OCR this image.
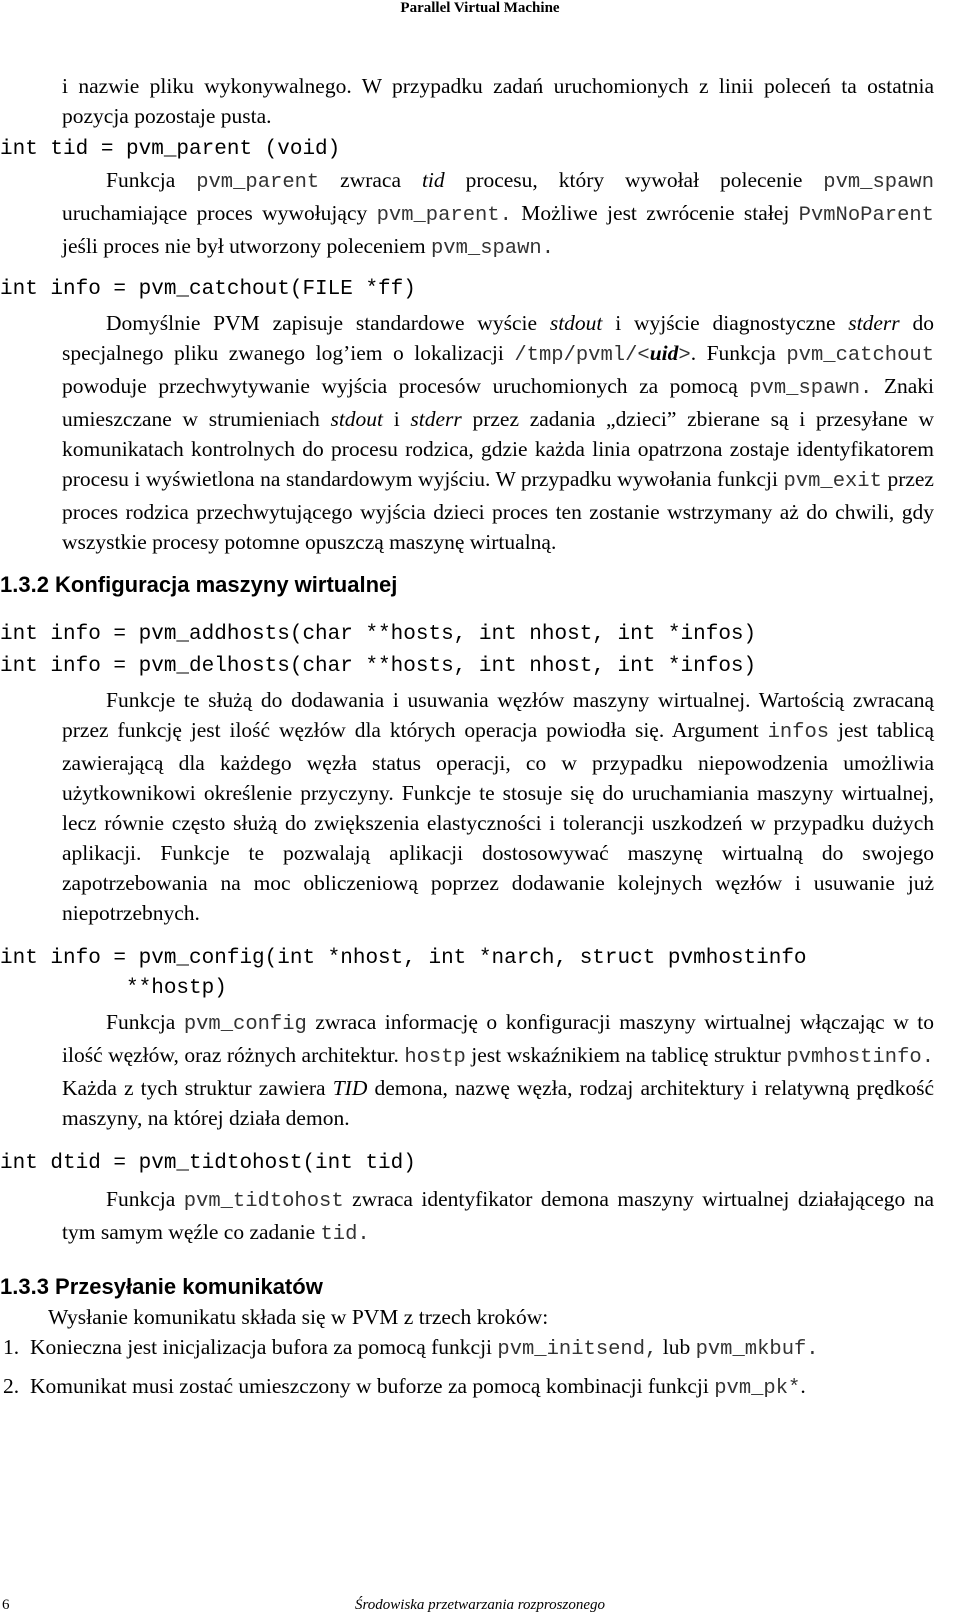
Parallel Virtual Machine

i nazwie pliku wykonywalnego. W przypadku zadań uruchomionych z linii poleceń ta ostatnia pozycja pozostaje pusta.

int tid = pvm_parent (void)

Funkcja pvm_parent zwraca tid procesu, który wywołał polecenie pvm_spawn uruchamiające proces wywołujący pvm_parent. Możliwe jest zwrócenie stałej PvmNoParent jeśli proces nie był utworzony poleceniem pvm_spawn.

int info = pvm_catchout(FILE *ff)

Domyślnie PVM zapisuje standardowe wyście stdout i wyjście diagnostyczne stderr do specjalnego pliku zwanego log’iem o lokalizacji /tmp/pvml/<uid>. Funkcja pvm_catchout powoduje przechwytywanie wyjścia procesów uruchomionych za pomocą pvm_spawn. Znaki umieszczane w strumieniach stdout i stderr przez zadania „dzieci” zbierane są i przesyłane w komunikatach kontrolnych do procesu rodzica, gdzie każda linia opatrzona zostaje identyfikatorem procesu i wyświetlona na standardowym wyjściu. W przypadku wywołania funkcji pvm_exit przez proces rodzica przechwytującego wyjścia dzieci proces ten zostanie wstrzymany aż do chwili, gdy wszystkie procesy potomne opuszczą maszynę wirtualną.

1.3.2 Konfiguracja maszyny wirtualnej

int info = pvm_addhosts(char **hosts, int nhost, int *infos)

int info = pvm_delhosts(char **hosts, int nhost, int *infos)

Funkcje te służą do dodawania i usuwania węzłów maszyny wirtualnej. Wartością zwracaną przez funkcję jest ilość węzłów dla których operacja powiodła się. Argument infos jest tablicą zawierającą dla każdego węzła status operacji, co w przypadku niepowodzenia umożliwia użytkownikowi określenie przyczyny. Funkcje te stosuje się do uruchamiania maszyny wirtualnej, lecz równie często służą do zwiększenia elastyczności i tolerancji uszkodzeń w przypadku dużych aplikacji. Funkcje te pozwalają aplikacji dostosowywać maszynę wirtualną do swojego zapotrzebowania na moc obliczeniową poprzez dodawanie kolejnych węzłów i usuwanie już niepotrzebnych.

int info = pvm_config(int *nhost, int *narch, struct pvmhostinfo

**hostp)

Funkcja pvm_config zwraca informację o konfiguracji maszyny wirtualnej włączając w to ilość węzłów, oraz różnych architektur. hostp jest wskaźnikiem na tablicę struktur pvmhostinfo. Każda z tych struktur zawiera TID demona, nazwę węzła, rodzaj architektury i relatywną prędkość maszyny, na której działa demon.

int dtid = pvm_tidtohost(int tid)

Funkcja pvm_tidtohost zwraca identyfikator demona maszyny wirtualnej działającego na tym samym węźle co zadanie tid.

1.3.3 Przesyłanie komunikatów

Wysłanie komunikatu składa się w PVM z trzech kroków:

1. Konieczna jest inicjalizacja bufora za pomocą funkcji pvm_initsend, lub pvm_mkbuf.
2. Komunikat musi zostać umieszczony w buforze za pomocą kombinacji funkcji pvm_pk*.
6	Środowiska przetwarzania rozproszonego
